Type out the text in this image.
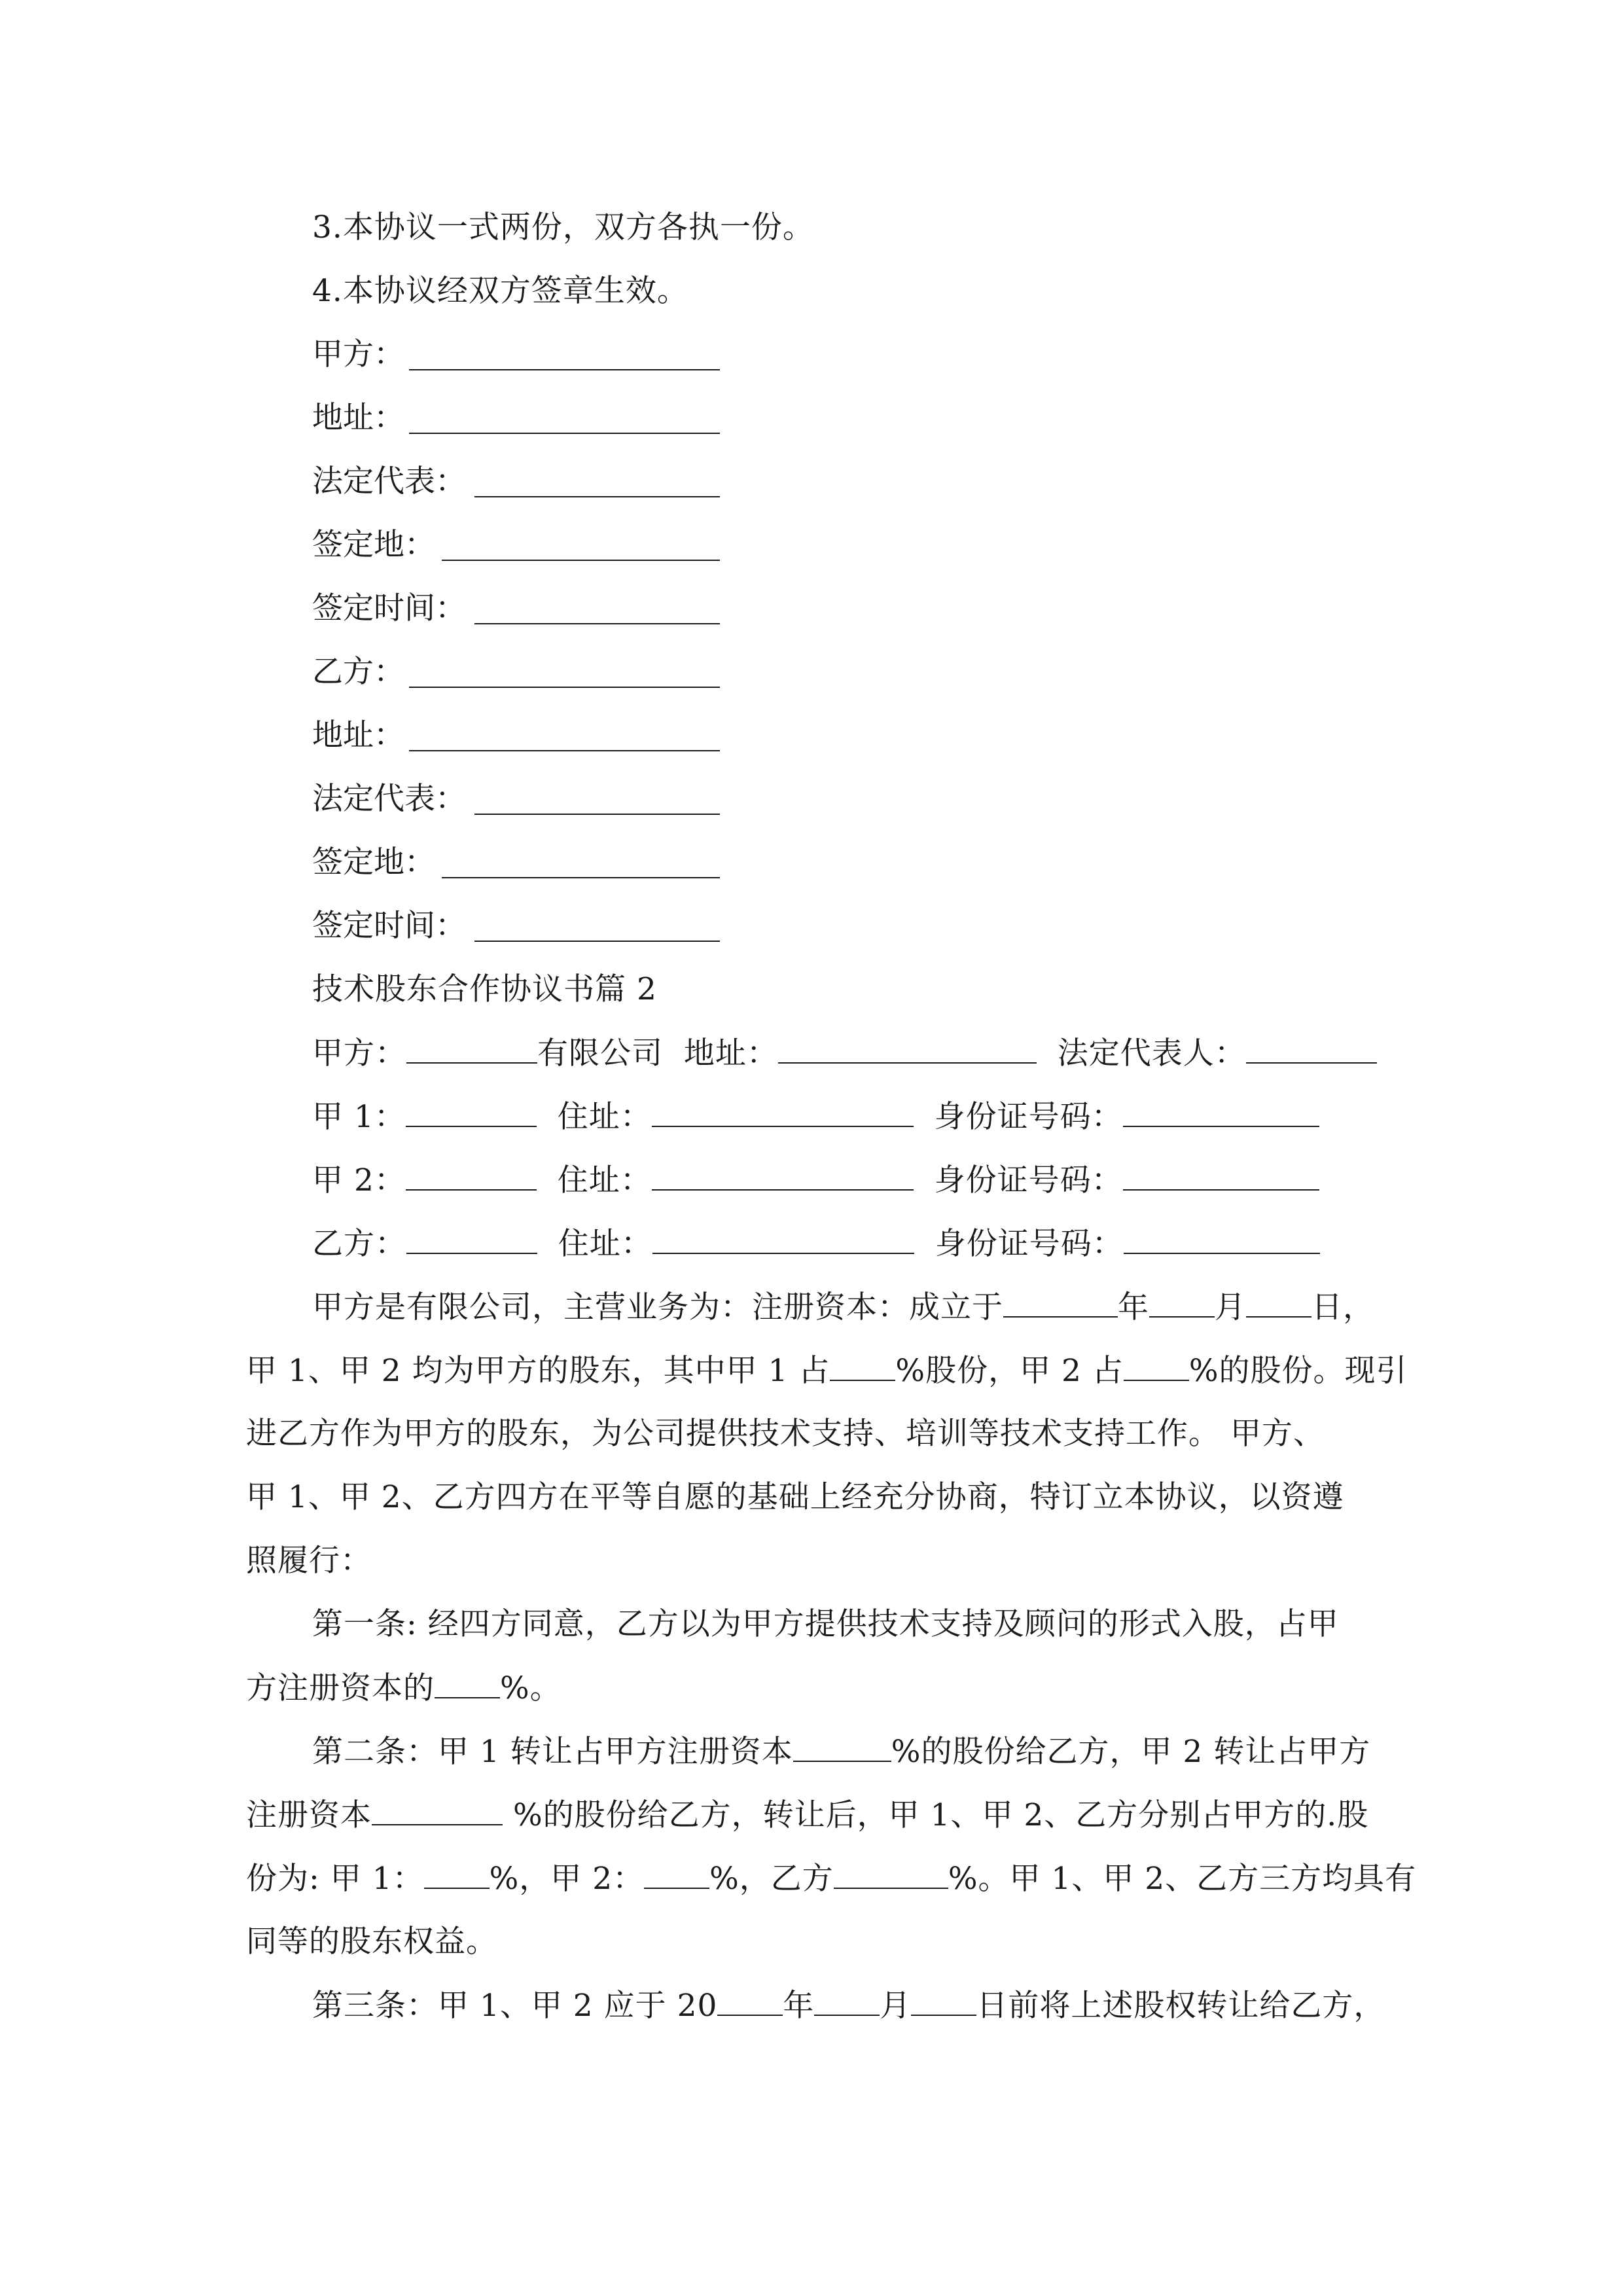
3.本协议一式两份，双方各执一份。
4.本协议经双方签章生效。
甲方：
地址：
法定代表：
签定地：
签定时间：
乙方：
地址：
法定代表：
签定地：
签定时间：
技术股东合作协议书篇 2
甲方：	有限公司 地址：	法定代表人：
甲 1：	住址：	身份证号码：
甲 2：	住址：	身份证号码：
乙方：	住址：	身份证号码：
甲方是有限公司，主营业务为：注册资本：成立于	年 月 日，
甲 1、甲 2 均为甲方的股东，其中甲 1 占 %股份，甲 2 占 %的股份。现引
进乙方作为甲方的股东，为公司提供技术支持、培训等技术支持工作。 甲方、
甲 1、甲 2、乙方四方在平等自愿的基础上经充分协商，特订立本协议，以资遵
照履行：
第一条: 经四方同意，乙方以为甲方提供技术支持及顾问的形式入股，占甲
方注册资本的 %。
第二条：甲 1 转让占甲方注册资本	%的股份给乙方，甲 2 转让占甲方
注册资本	%的股份给乙方，转让后，甲 1、甲 2、乙方分别占甲方的.股
份为: 甲 1： %，甲 2： %，乙方	%。甲 1、甲 2、乙方三方均具有
同等的股东权益。
第三条：甲 1、甲 2 应于 20 年 月 日前将上述股权转让给乙方，
